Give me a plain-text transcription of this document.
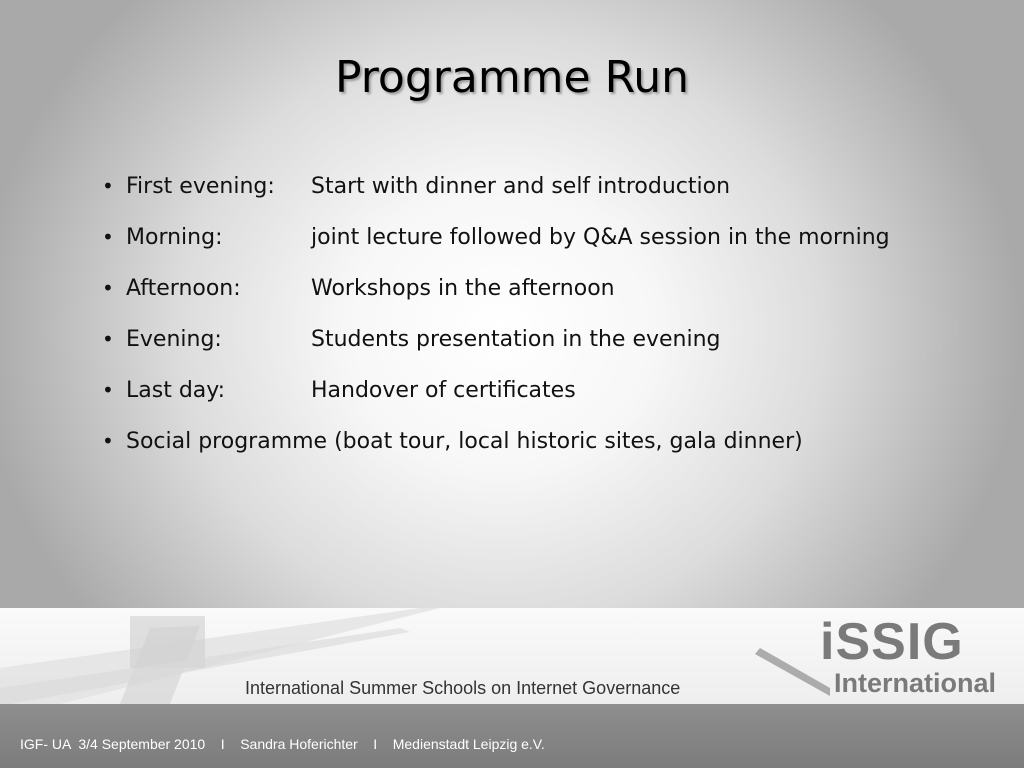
Programme Run
• First evening:	Start with dinner and self introduction
• Morning:	joint lecture followed by Q&A session in the morning
• Afternoon:	Workshops in the afternoon
• Evening:	Students presentation in the evening
• Last day:	Handover of certificates
• Social programme (boat tour, local historic sites, gala dinner)
International Summer Schools on Internet Governance
iSSIG
International
IGF- UA  3/4 September 2010    I    Sandra Hoferichter    I    Medienstadt Leipzig e.V.
